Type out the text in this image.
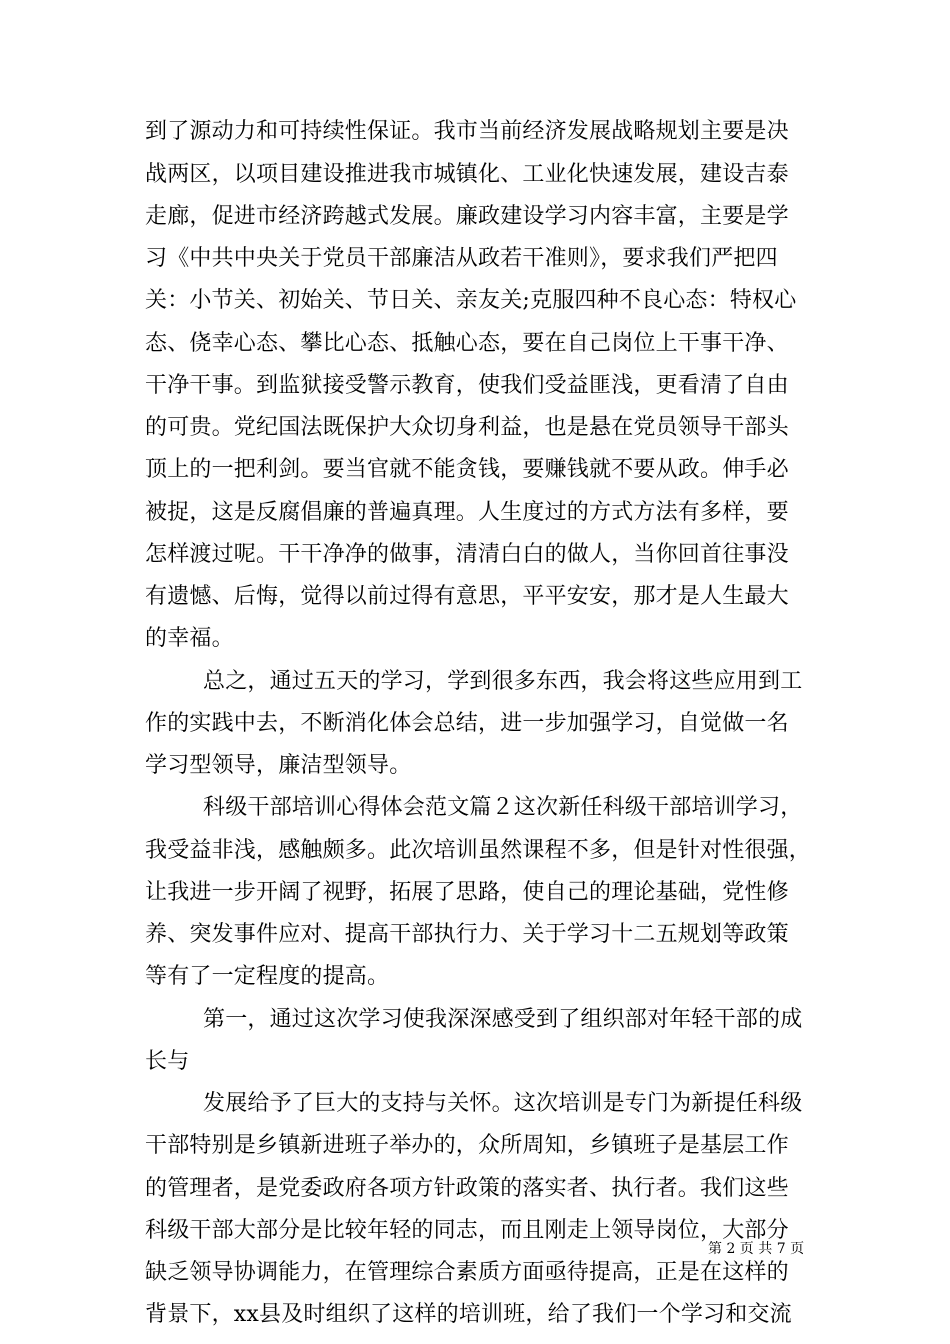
到了源动力和可持续性保证。我市当前经济发展战略规划主要是决
战两区，以项目建设推进我市城镇化、工业化快速发展，建设吉泰
走廊，促进市经济跨越式发展。廉政建设学习内容丰富，主要是学
习《中共中央关于党员干部廉洁从政若干准则》，要求我们严把四
关：小节关、初始关、节日关、亲友关;克服四种不良心态：特权心
态、侥幸心态、攀比心态、抵触心态，要在自己岗位上干事干净、
干净干事。到监狱接受警示教育，使我们受益匪浅，更看清了自由
的可贵。党纪国法既保护大众切身利益，也是悬在党员领导干部头
顶上的一把利剑。要当官就不能贪钱，要赚钱就不要从政。伸手必
被捉，这是反腐倡廉的普遍真理。人生度过的方式方法有多样，要
怎样渡过呢。干干净净的做事，清清白白的做人，当你回首往事没
有遗憾、后悔，觉得以前过得有意思，平平安安，那才是人生最大
的幸福。
总之，通过五天的学习，学到很多东西，我会将这些应用到工
作的实践中去，不断消化体会总结，进一步加强学习，自觉做一名
学习型领导，廉洁型领导。
科级干部培训心得体会范文篇２这次新任科级干部培训学习，
我受益非浅，感触颇多。此次培训虽然课程不多，但是针对性很强，
让我进一步开阔了视野，拓展了思路，使自己的理论基础，党性修
养、突发事件应对、提高干部执行力、关于学习十二五规划等政策
等有了一定程度的提高。
第一，通过这次学习使我深深感受到了组织部对年轻干部的成
长与
发展给予了巨大的支持与关怀。这次培训是专门为新提任科级
干部特别是乡镇新进班子举办的，众所周知，乡镇班子是基层工作
的管理者，是党委政府各项方针政策的落实者、执行者。我们这些
科级干部大部分是比较年轻的同志，而且刚走上领导岗位，大部分
缺乏领导协调能力，在管理综合素质方面亟待提高，正是在这样的
背景下，xx县及时组织了这样的培训班，给了我们一个学习和交流
第 2 页 共 7 页
